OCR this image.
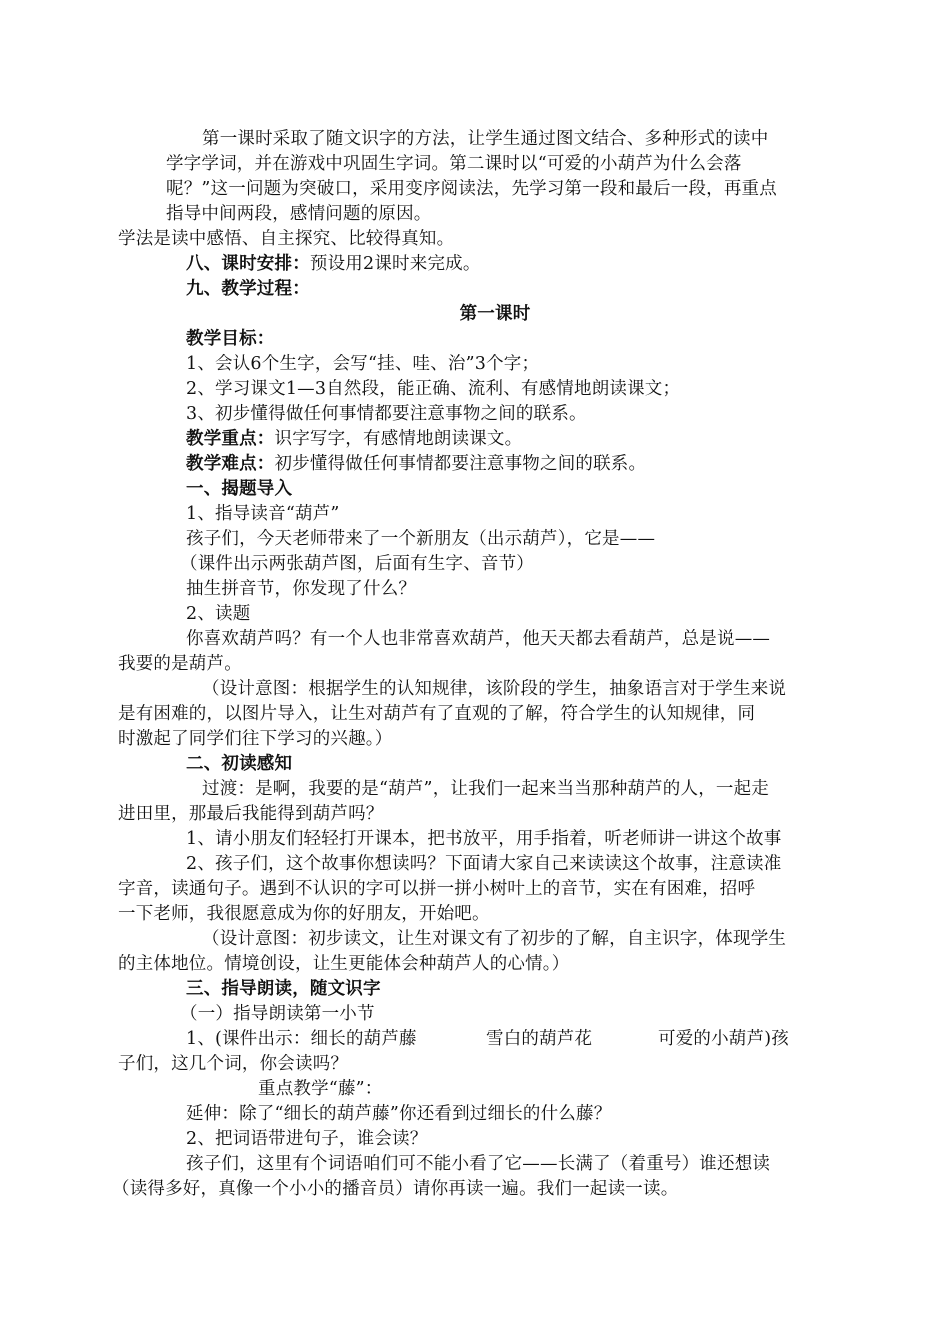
第一课时采取了随文识字的方法，让学生通过图文结合、多种形式的读中
学字学词，并在游戏中巩固生字词。第二课时以“可爱的小葫芦为什么会落
呢？”这一问题为突破口，采用变序阅读法，先学习第一段和最后一段，再重点
指导中间两段，感情问题的原因。
学法是读中感悟、自主探究、比较得真知。
八、课时安排：预设用2课时来完成。
九、教学过程：
第一课时
教学目标：
1、会认6个生字，会写“挂、哇、治”3个字；
2、学习课文1—3自然段，能正确、流利、有感情地朗读课文；
3、初步懂得做任何事情都要注意事物之间的联系。
教学重点：识字写字，有感情地朗读课文。
教学难点：初步懂得做任何事情都要注意事物之间的联系。
一、揭题导入
1、指导读音“葫芦”
孩子们，今天老师带来了一个新朋友（出示葫芦），它是——
（课件出示两张葫芦图，后面有生字、音节）
抽生拼音节，你发现了什么？
2、读题
你喜欢葫芦吗？有一个人也非常喜欢葫芦，他天天都去看葫芦，总是说——
我要的是葫芦。
（设计意图：根据学生的认知规律，该阶段的学生，抽象语言对于学生来说
是有困难的，以图片导入，让生对葫芦有了直观的了解，符合学生的认知规律，同
时激起了同学们往下学习的兴趣。）
二、初读感知
过渡：是啊，我要的是“葫芦”，让我们一起来当当那种葫芦的人，一起走
进田里，那最后我能得到葫芦吗？
1、请小朋友们轻轻打开课本，把书放平，用手指着，听老师讲一讲这个故事
2、孩子们，这个故事你想读吗？下面请大家自己来读读这个故事，注意读准
字音，读通句子。遇到不认识的字可以拼一拼小树叶上的音节，实在有困难，招呼
一下老师，我很愿意成为你的好朋友，开始吧。
（设计意图：初步读文，让生对课文有了初步的了解，自主识字，体现学生
的主体地位。情境创设，让生更能体会种葫芦人的心情。）
三、指导朗读，随文识字
（一）指导朗读第一小节
1、(课件出示：细长的葫芦藤	雪白的葫芦花	可爱的小葫芦)孩
子们，这几个词，你会读吗？
重点教学“藤”：
延伸：除了“细长的葫芦藤”你还看到过细长的什么藤？
2、把词语带进句子，谁会读？
孩子们，这里有个词语咱们可不能小看了它——长满了（着重号）谁还想读
（读得多好，真像一个小小的播音员）请你再读一遍。我们一起读一读。
